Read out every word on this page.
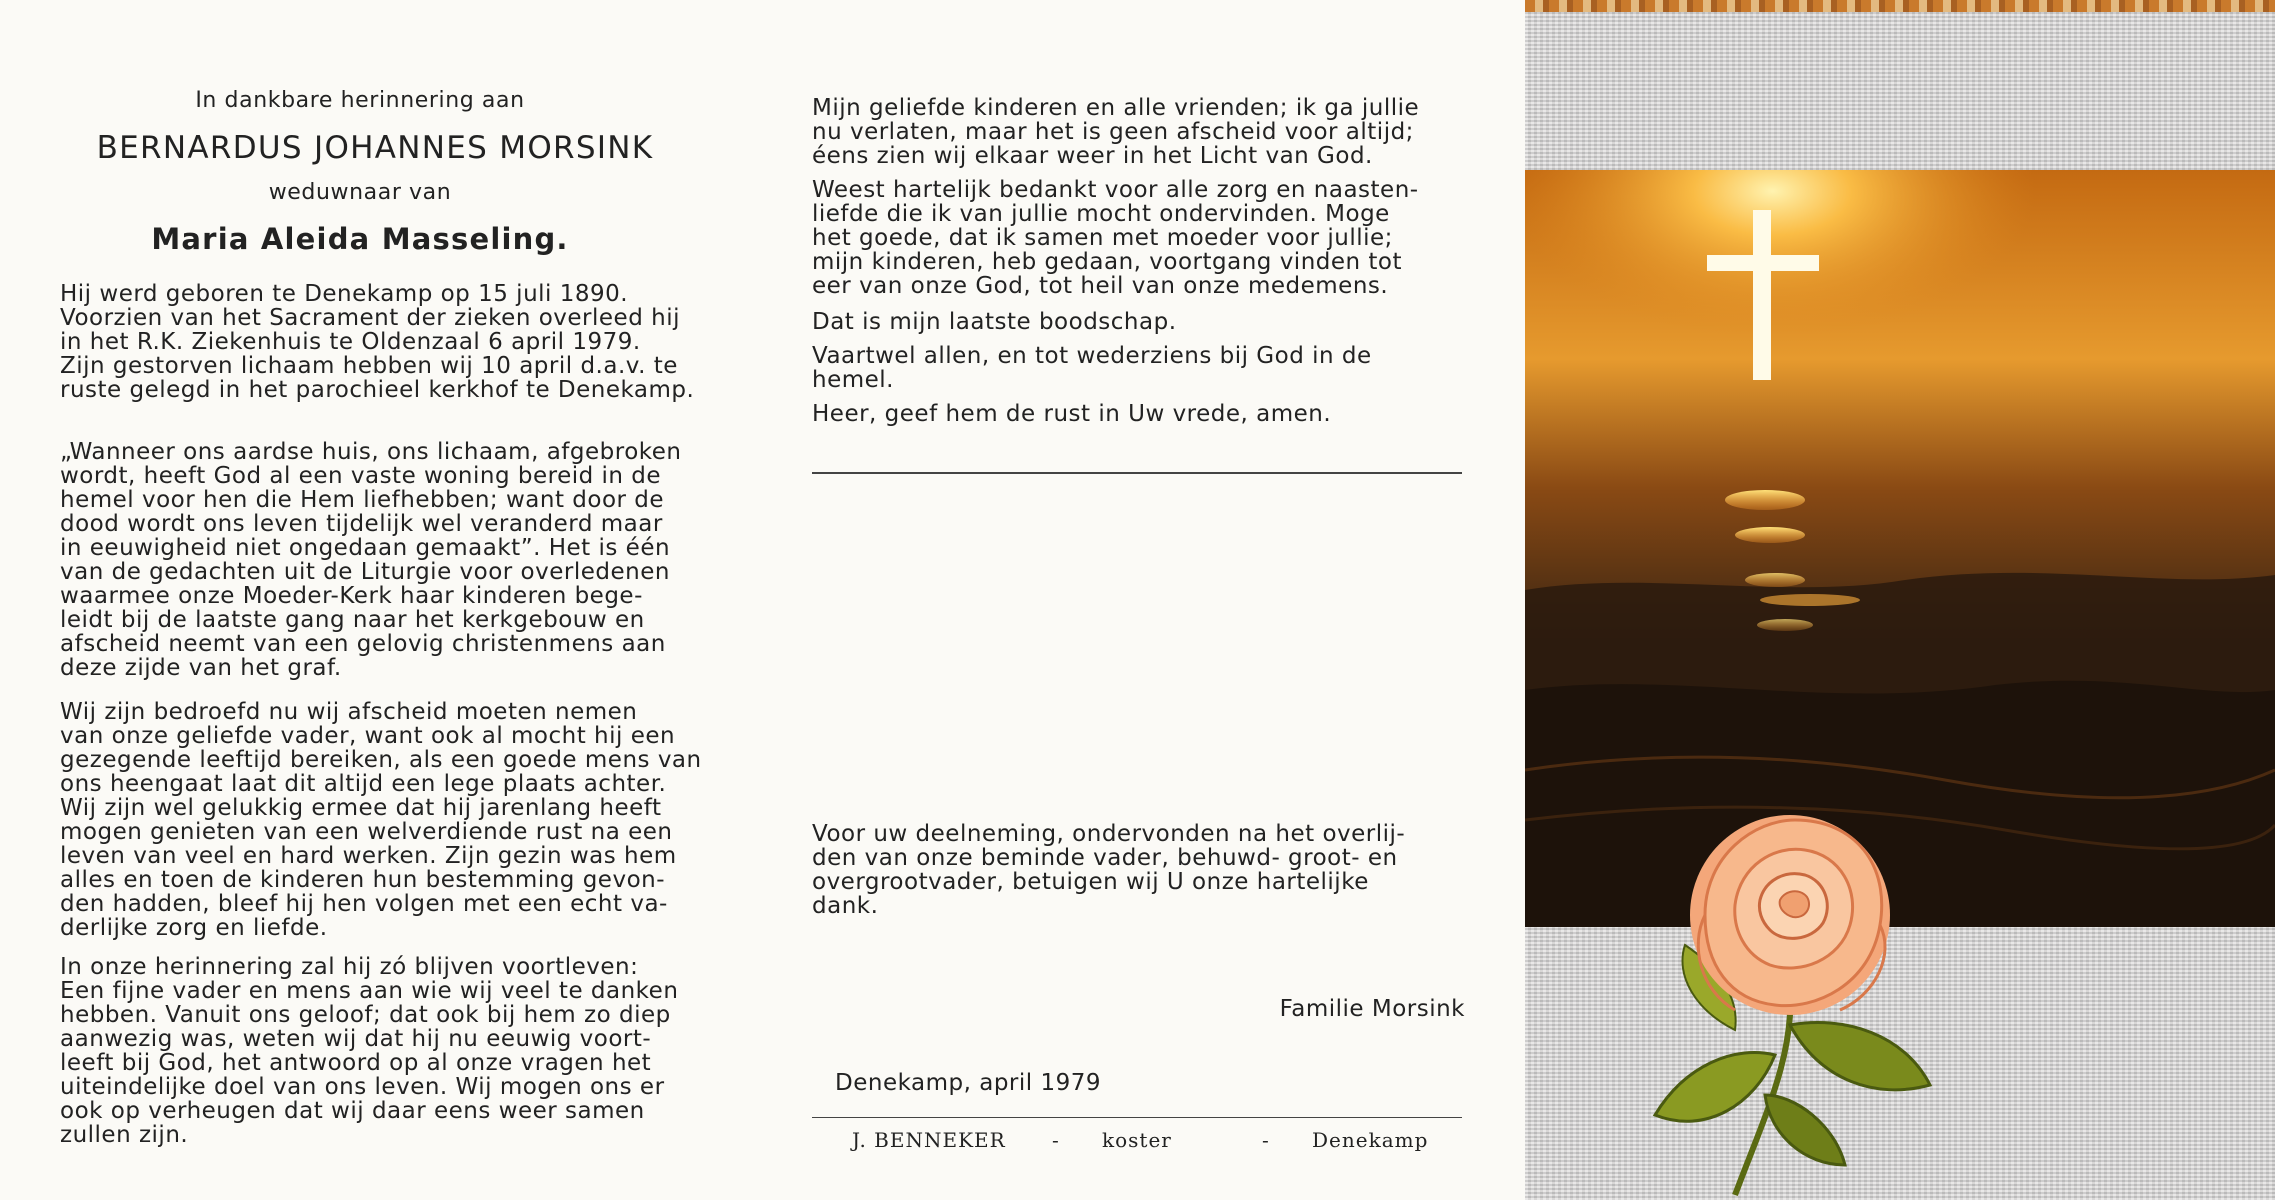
In dankbare herinnering aan
BERNARDUS JOHANNES MORSINK
weduwnaar van
Maria Aleida Masseling.
Hij werd geboren te Denekamp op 15 juli 1890.
Voorzien van het Sacrament der zieken overleed hij
in het R.K. Ziekenhuis te Oldenzaal 6 april 1979.
Zijn gestorven lichaam hebben wij 10 april d.a.v. te
ruste gelegd in het parochieel kerkhof te Denekamp.
„Wanneer ons aardse huis, ons lichaam, afgebroken
wordt, heeft God al een vaste woning bereid in de
hemel voor hen die Hem liefhebben; want door de
dood wordt ons leven tijdelijk wel veranderd maar
in eeuwigheid niet ongedaan gemaakt”. Het is één
van de gedachten uit de Liturgie voor overledenen
waarmee onze Moeder-Kerk haar kinderen bege-
leidt bij de laatste gang naar het kerkgebouw en
afscheid neemt van een gelovig christenmens aan
deze zijde van het graf.
Wij zijn bedroefd nu wij afscheid moeten nemen
van onze geliefde vader, want ook al mocht hij een
gezegende leeftijd bereiken, als een goede mens van
ons heengaat laat dit altijd een lege plaats achter.
Wij zijn wel gelukkig ermee dat hij jarenlang heeft
mogen genieten van een welverdiende rust na een
leven van veel en hard werken. Zijn gezin was hem
alles en toen de kinderen hun bestemming gevon-
den hadden, bleef hij hen volgen met een echt va-
derlijke zorg en liefde.
In onze herinnering zal hij zó blijven voortleven:
Een fijne vader en mens aan wie wij veel te danken
hebben. Vanuit ons geloof; dat ook bij hem zo diep
aanwezig was, weten wij dat hij nu eeuwig voort-
leeft bij God, het antwoord op al onze vragen het
uiteindelijke doel van ons leven. Wij mogen ons er
ook op verheugen dat wij daar eens weer samen
zullen zijn.
Mijn geliefde kinderen en alle vrienden; ik ga jullie
nu verlaten, maar het is geen afscheid voor altijd;
éens zien wij elkaar weer in het Licht van God.
Weest hartelijk bedankt voor alle zorg en naasten-
liefde die ik van jullie mocht ondervinden. Moge
het goede, dat ik samen met moeder voor jullie;
mijn kinderen, heb gedaan, voortgang vinden tot
eer van onze God, tot heil van onze medemens.
Dat is mijn laatste boodschap.
Vaartwel allen, en tot wederziens bij God in de
hemel.
Heer, geef hem de rust in Uw vrede, amen.
Voor uw deelneming, ondervonden na het overlij-
den van onze beminde vader, behuwd- groot- en
overgrootvader, betuigen wij U onze hartelijke
dank.
Familie Morsink
Denekamp, april 1979
J. BENNEKER - koster	- Denekamp
